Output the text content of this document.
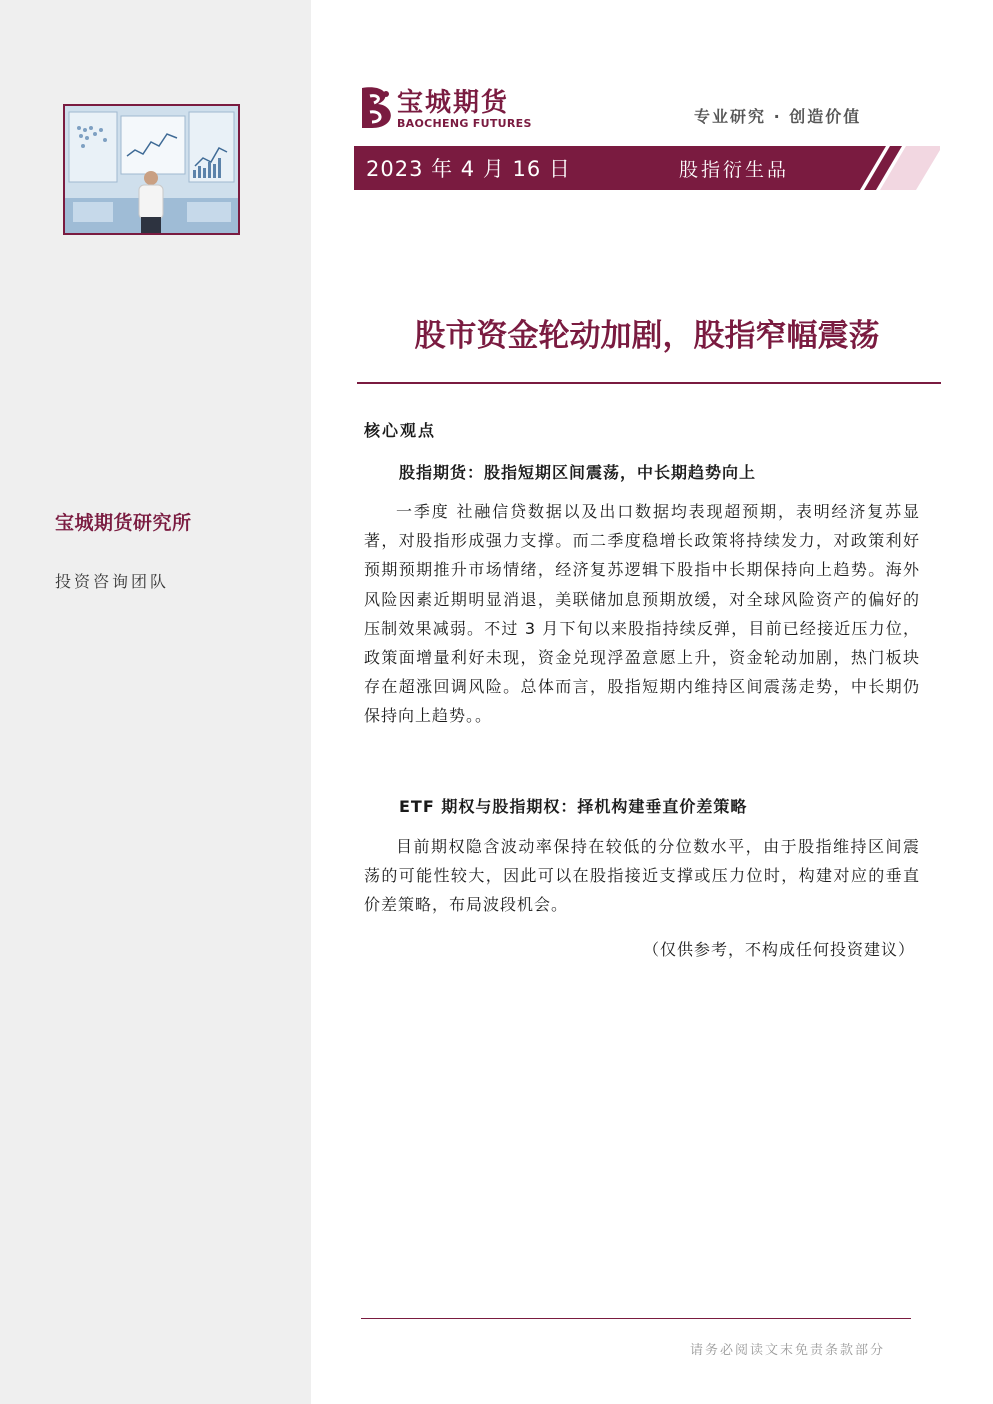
宝城期货研究所
投资咨询团队
宝城期货
BAOCHENG FUTURES	专业研究 · 创造价值
2023 年 4 月 16 日	股指衍生品
股市资金轮动加剧，股指窄幅震荡
核心观点
股指期货：股指短期区间震荡，中长期趋势向上

一季度 社融信贷数据以及出口数据均表现超预期，表明经济复苏显著，对股指形成强力支撑。而二季度稳增长政策将持续发力，对政策利好预期预期推升市场情绪，经济复苏逻辑下股指中长期保持向上趋势。海外风险因素近期明显消退，美联储加息预期放缓，对全球风险资产的偏好的压制效果减弱。不过 3 月下旬以来股指持续反弹，目前已经接近压力位，政策面增量利好未现，资金兑现浮盈意愿上升，资金轮动加剧，热门板块存在超涨回调风险。总体而言，股指短期内维持区间震荡走势，中长期仍保持向上趋势。。

ETF 期权与股指期权：择机构建垂直价差策略

目前期权隐含波动率保持在较低的分位数水平，由于股指维持区间震荡的可能性较大，因此可以在股指接近支撑或压力位时，构建对应的垂直价差策略，布局波段机会。

（仅供参考，不构成任何投资建议）
请务必阅读文末免责条款部分
